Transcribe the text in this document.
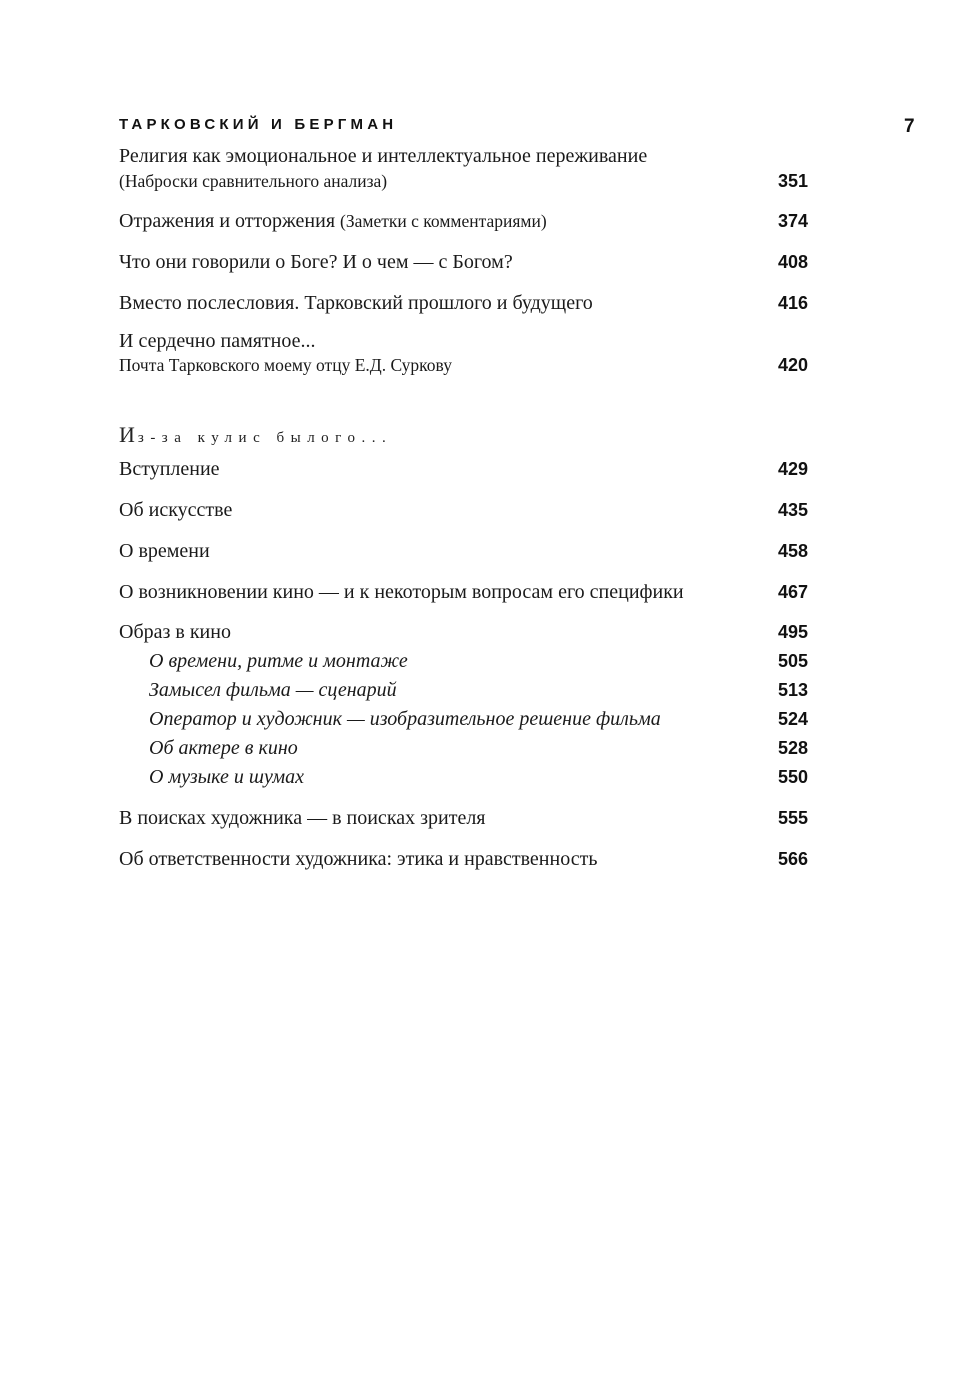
ТАРКОВСКИЙ И БЕРГМАН	7
Религия как эмоциональное и интеллектуальное переживание
(Наброски сравнительного анализа)	351
Отражения и отторжения (Заметки с комментариями)	374
Что они говорили о Боге? И о чем — с Богом?	408
Вместо послесловия. Тарковский прошлого и будущего	416
И сердечно памятное...
Почта Тарковского моему отцу Е.Д. Суркову	420
Из-за кулис былого...
Вступление	429
Об искусстве	435
О времени	458
О возникновении кино — и к некоторым вопросам его специфики	467
Образ в кино	495
О времени, ритме и монтаже	505
Замысел фильма — сценарий	513
Оператор и художник — изобразительное решение фильма	524
Об актере в кино	528
О музыке и шумах	550
В поисках художника — в поисках зрителя	555
Об ответственности художника: этика и нравственность	566
